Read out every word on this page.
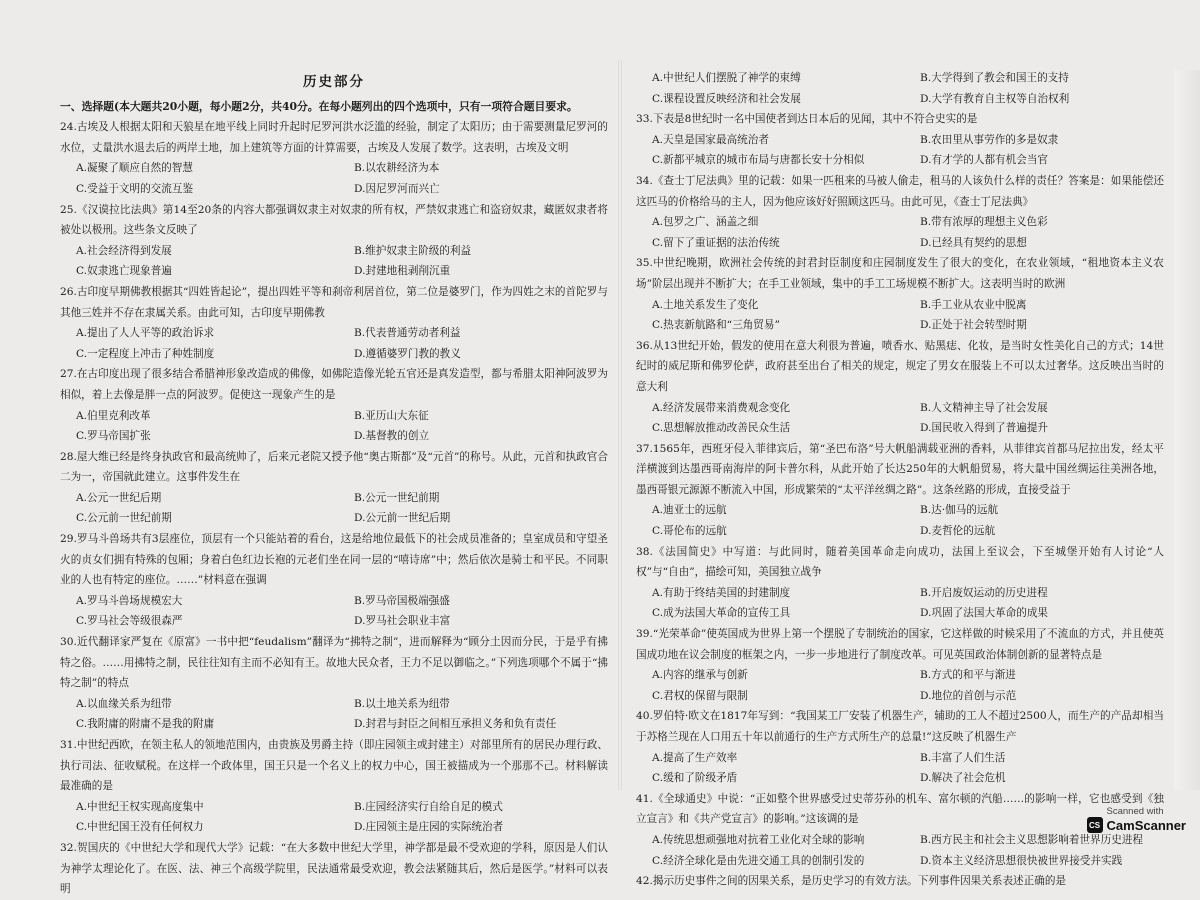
历史部分
一、选择题(本大题共20小题，每小题2分，共40分。在每小题列出的四个选项中，只有一项符合题目要求。
24.古埃及人根据太阳和天狼星在地平线上同时升起时尼罗河洪水泛滥的经验，制定了太阳历；由于需要测量尼罗河的水位，丈量洪水退去后的两岸土地，加上建筑等方面的计算需要，古埃及人发展了数学。这表明，古埃及文明
A.凝聚了顺应自然的智慧	B.以农耕经济为本
C.受益于文明的交流互鉴	D.因尼罗河而兴亡
25.《汉谟拉比法典》第14至20条的内容大都强调奴隶主对奴隶的所有权，严禁奴隶逃亡和盗窃奴隶，藏匿奴隶者将被处以极刑。这些条文反映了
A.社会经济得到发展	B.维护奴隶主阶级的利益
C.奴隶逃亡现象普遍	D.封建地租剥削沉重
26.古印度早期佛教根据其“四姓皆起论”，提出四姓平等和刹帝利居首位，第二位是婆罗门，作为四姓之末的首陀罗与其他三姓并不存在隶属关系。由此可知，古印度早期佛教
A.提出了人人平等的政治诉求	B.代表普通劳动者利益
C.一定程度上冲击了种姓制度	D.遵循婆罗门教的教义
27.在古印度出现了很多结合希腊神形象改造成的佛像，如佛陀造像光轮五官还是真发造型，都与希腊太阳神阿波罗为相似，着上去像是胖一点的阿波罗。促使这一现象产生的是
A.伯里克利改革	B.亚历山大东征
C.罗马帝国扩张	D.基督教的创立
28.屋大维已经是终身执政官和最高统帅了，后来元老院又授予他“奥古斯都”及“元首”的称号。从此，元首和执政官合二为一，帝国就此建立。这事件发生在
A.公元一世纪后期	B.公元一世纪前期
C.公元前一世纪前期	D.公元前一世纪后期
29.罗马斗兽场共有3层座位，顶层有一个只能站着的看台，这是给地位最低下的社会成员准备的；皇室成员和守望圣火的贞女们拥有特殊的包厢；身着白色红边长袍的元老们坐在同一层的“嘻诗席”中；然后依次是骑士和平民。不同职业的人也有特定的座位。……”材料意在强调
A.罗马斗兽场规模宏大	B.罗马帝国极端强盛
C.罗马社会等级很森严	D.罗马社会职业丰富
30.近代翻译家严复在《原富》一书中把“feudalism”翻译为“拂特之制”，进而解释为“顾分土因而分民，于是乎有拂特之俗。……用拂特之制，民往往知有主而不必知有王。故地大民众者，王力不足以御临之。”下列选项哪个不属于“拂特之制”的特点
A.以血缘关系为纽带	B.以土地关系为纽带
C.我附庸的附庸不是我的附庸	D.封君与封臣之间相互承担义务和负有责任
31.中世纪西欧，在领主私人的领地范围内，由贵族及男爵主持（即庄园领主或封建主）对部里所有的居民办理行政、执行司法、征收赋税。在这样一个政体里，国王只是一个名义上的权力中心，国王被描成为一个那那不己。材料解读最准确的是
A.中世纪王权实现高度集中	B.庄园经济实行自给自足的模式
C.中世纪国王没有任何权力	D.庄园领主是庄园的实际统治者
32.贺国庆的《中世纪大学和现代大学》记载：“在大多数中世纪大学里，神学都是最不受欢迎的学科，原因是人们认为神学太理论化了。在医、法、神三个高级学院里，民法通常最受欢迎，教会法紧随其后，然后是医学。”材料可以表明
A.中世纪人们摆脱了神学的束缚	B.大学得到了教会和国王的支持
C.课程设置反映经济和社会发展	D.大学有教育自主权等自治权利
33.下表是8世纪时一名中国使者到达日本后的见闻，其中不符合史实的是
A.天皇是国家最高统治者	B.农田里从事劳作的多是奴隶
C.新都平城京的城市布局与唐都长安十分相似	D.有才学的人都有机会当官
34.《查士丁尼法典》里的记载：如果一匹租来的马被人偷走，租马的人该负什么样的责任？答案是：如果能偿还这匹马的价格给马的主人，因为他应该好好照顾这匹马。由此可见，《查士丁尼法典》
A.包罗之广、涵盖之细	B.带有浓厚的理想主义色彩
C.留下了重证据的法治传统	D.已经具有契约的思想
35.中世纪晚期，欧洲社会传统的封君封臣制度和庄园制度发生了很大的变化，在农业领域，“租地资本主义农场”阶层出现并不断扩大；在手工业领域，集中的手工工场规模不断扩大。这表明当时的欧洲
A.土地关系发生了变化	B.手工业从农业中脱离
C.热衷新航路和“三角贸易”	D.正处于社会转型时期
36.从13世纪开始，假发的使用在意大利很为普遍，喷香水、贴黑痣、化妆，是当时女性美化自己的方式；14世纪时的威尼斯和佛罗伦萨，政府甚至出台了相关的规定，规定了男女在服装上不可以太过奢华。这反映出当时的意大利
A.经济发展带来消费观念变化	B.人文精神主导了社会发展
C.思想解放推动改善民众生活	D.国民收入得到了普遍提升
37.1565年，西班牙侵入菲律宾后，第“圣巴布洛”号大帆船满载亚洲的香料，从菲律宾首都马尼拉出发，经太平洋横渡到达墨西哥南海岸的阿卡普尔科，从此开始了长达250年的大帆船贸易，将大量中国丝绸运往美洲各地，墨西哥银元源源不断流入中国，形成繁荣的“太平洋丝绸之路”。这条丝路的形成，直接受益于
A.迪亚士的远航	B.达·伽马的远航
C.哥伦布的远航	D.麦哲伦的远航
38.《法国简史》中写道：与此同时，随着美国革命走向成功，法国上至议会，下至城堡开始有人讨论“人权”与“自由”，描绘可知，美国独立战争
A.有助于终结美国的封建制度	B.开启废奴运动的历史进程
C.成为法国大革命的宣传工具	D.巩固了法国大革命的成果
39.“光荣革命”使英国成为世界上第一个摆脱了专制统治的国家，它这样做的时候采用了不流血的方式，并且使英国成功地在议会制度的框架之内，一步一步地进行了制度改革。可见英国政治体制创新的显著特点是
A.内容的继承与创新	B.方式的和平与渐进
C.君权的保留与限制	D.地位的首创与示范
40.罗伯特·欧文在1817年写到：“我国某工厂安装了机器生产，辅助的工人不超过2500人，而生产的产品却相当于苏格兰现在人口用五十年以前通行的生产方式所生产的总量!”这反映了机器生产
A.提高了生产效率	B.丰富了人们生活
C.缓和了阶级矛盾	D.解决了社会危机
41.《全球通史》中说：“正如整个世界感受过史蒂芬孙的机车、富尔顿的汽船……的影响一样，它也感受到《独立宣言》和《共产党宣言》的影响。”这该调的是
A.传统思想顽强地对抗着工业化对全球的影响	B.西方民主和社会主义思想影响着世界历史进程
C.经济全球化是由先进交通工具的创制引发的	D.资本主义经济思想很快被世界接受并实践
42.揭示历史事件之间的因果关系，是历史学习的有效方法。下列事件因果关系表述正确的是
Scanned with
CS CamScanner
